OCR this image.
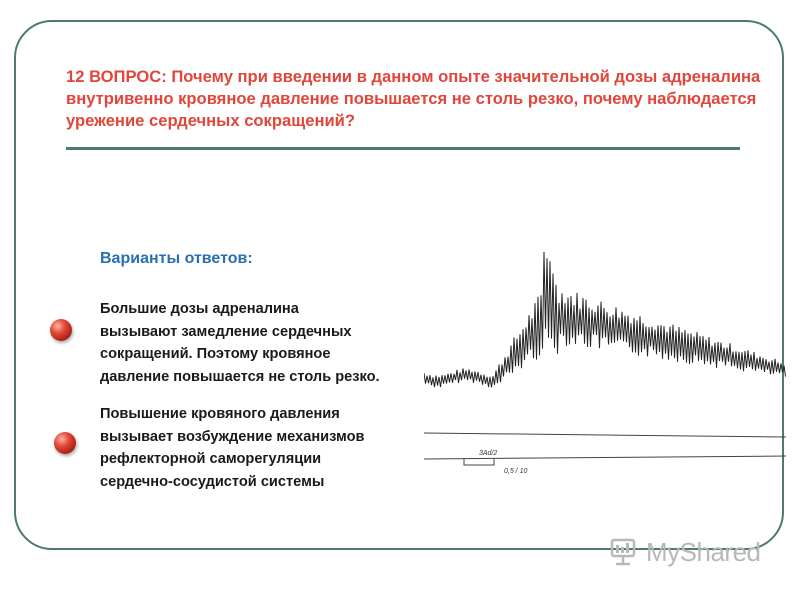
12 ВОПРОС: Почему при введении в данном опыте значительной дозы адреналина внутривенно кровяное давление повышается не столь резко, почему наблюдается урежение сердечных сокращений?

Варианты ответов:

Большие дозы адреналина
вызывают замедление сердечных
сокращений. Поэтому кровяное
давление повышается не столь резко.

Повышение кровяного давления
вызывает возбуждение механизмов
рефлекторной саморегуляции
сердечно-сосудистой системы

3Ad/2
0,5 / 10
MyShared
